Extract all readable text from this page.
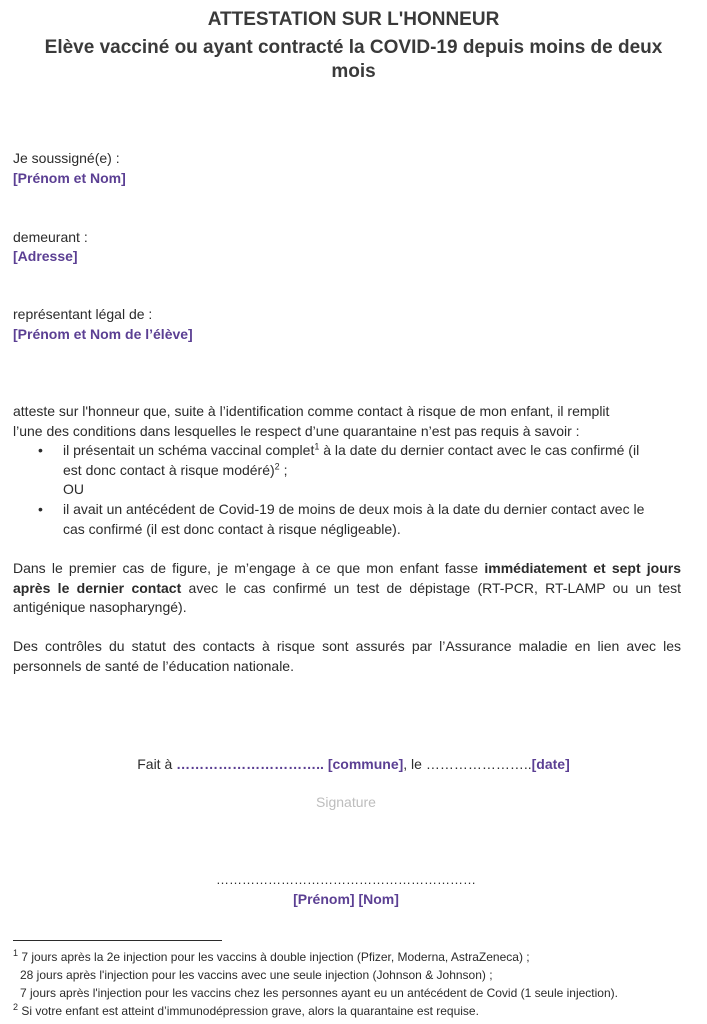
ATTESTATION SUR L'HONNEUR
Elève vacciné ou ayant contracté la COVID-19 depuis moins de deux
mois
Je soussigné(e) :
[Prénom et Nom]
demeurant :
[Adresse]
représentant légal de :
[Prénom et Nom de l’élève]
atteste sur l'honneur que, suite à l’identification comme contact à risque de mon enfant, il remplit
l’une des conditions dans lesquelles le respect d’une quarantaine n’est pas requis à savoir :
• il présentait un schéma vaccinal complet$^1$ à la date du dernier contact avec le cas confirmé (il
est donc contact à risque modéré)$^2$ ;
OU
• il avait un antécédent de Covid-19 de moins de deux mois à la date du dernier contact avec le
cas confirmé (il est donc contact à risque négligeable).
Dans le premier cas de figure, je m’engage à ce que mon enfant fasse immédiatement et sept jours après le dernier contact avec le cas confirmé un test de dépistage (RT-PCR, RT-LAMP ou un test antigénique nasopharyngé).
Des contrôles du statut des contacts à risque sont assurés par l’Assurance maladie en lien avec les personnels de santé de l’éducation nationale.
Fait à ………………………….. [commune], le …………………..[date]
Signature
……………………………………………………
[Prénom] [Nom]
$^1$ 7 jours après la 2e injection pour les vaccins à double injection (Pfizer, Moderna, AstraZeneca) ;
28 jours après l'injection pour les vaccins avec une seule injection (Johnson & Johnson) ;
7 jours après l'injection pour les vaccins chez les personnes ayant eu un antécédent de Covid (1 seule injection).
$^2$ Si votre enfant est atteint d’immunodépression grave, alors la quarantaine est requise.
